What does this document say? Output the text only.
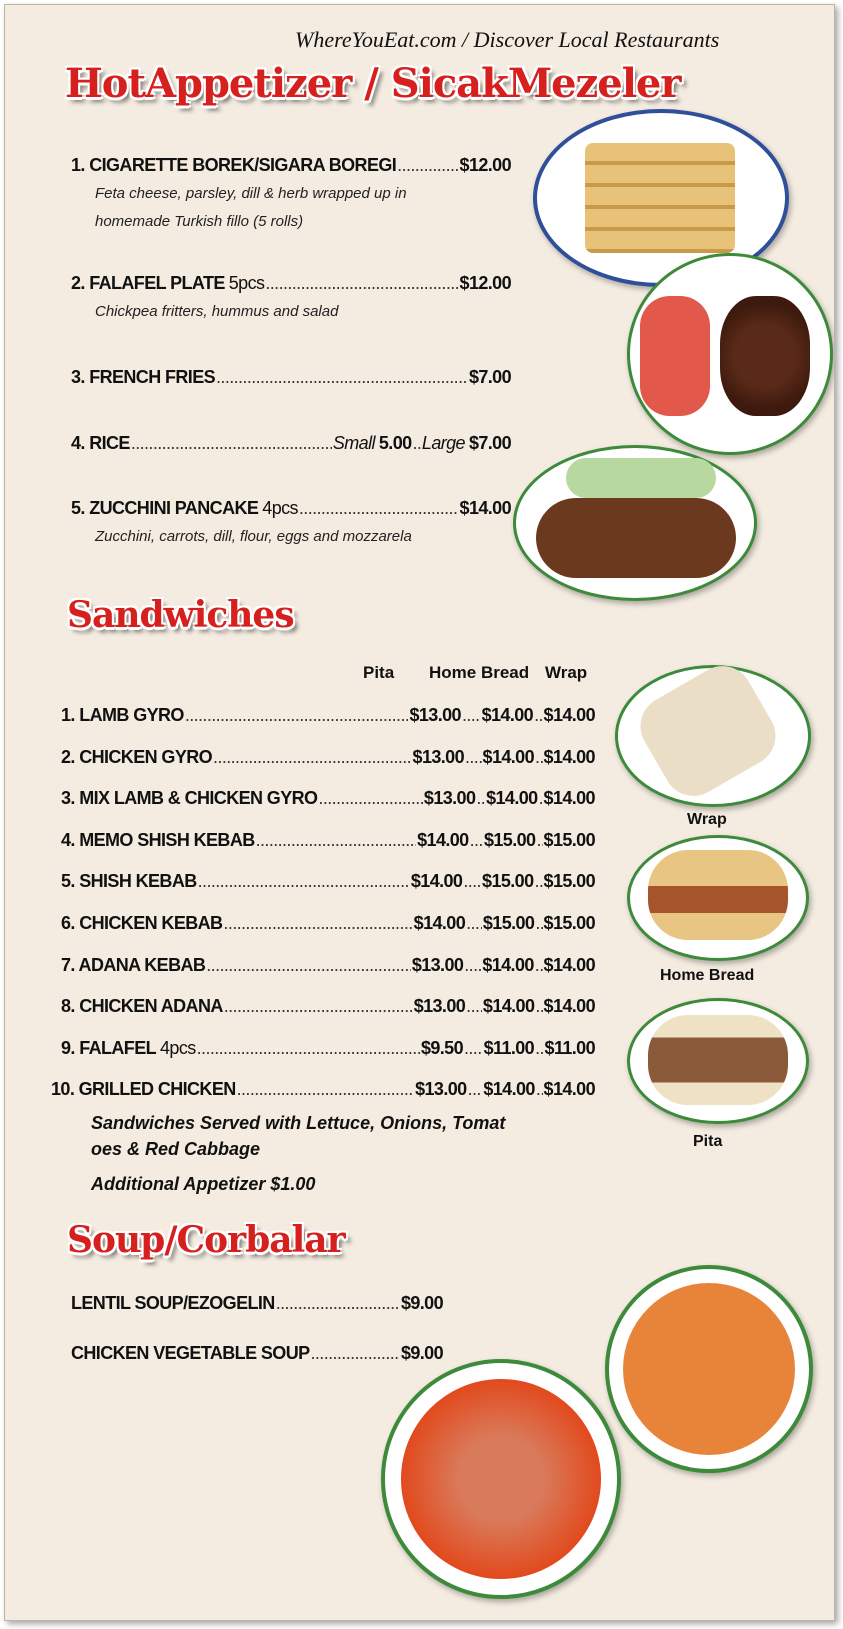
WhereYouEat.com / Discover Local Restaurants
HotAppetizer / SicakMezeler
Sandwiches
Soup/Corbalar
1. CIGARETTE BOREK/SIGARA BOREGI .....	$12.00
Feta cheese, parsley, dill & herb wrapped up in
homemade Turkish fillo (5 rolls)
2. FALAFEL PLATE 5pcs .....	$12.00
Chickpea fritters, hummus and salad
3. FRENCH FRIES .....	$7.00
4. RICE .....	Small 5.00 ..... Large $7.00
5. ZUCCHINI PANCAKE 4pcs .....	$14.00
Zucchini, carrots, dill, flour, eggs and mozzarela
Pita Home Bread Wrap
1. LAMB GYRO .....	$13.00 ..... $14.00 ..... $14.00
2. CHICKEN GYRO .....	$13.00 ..... $14.00 ..... $14.00
3. MIX LAMB & CHICKEN GYRO .....	$13.00 ..... $14.00 ..... $14.00
4. MEMO SHISH KEBAB .....	$14.00 ..... $15.00 ..... $15.00
5. SHISH KEBAB .....	$14.00 ..... $15.00 ..... $15.00
6. CHICKEN KEBAB .....	$14.00 ..... $15.00 ..... $15.00
7. ADANA KEBAB .....	$13.00 ..... $14.00 ..... $14.00
8. CHICKEN ADANA .....	$13.00 ..... $14.00 ..... $14.00
9. FALAFEL 4pcs .....	$9.50 ..... $11.00 ..... $11.00
10. GRILLED CHICKEN .....	$13.00 ..... $14.00 ..... $14.00
Sandwiches Served with Lettuce, Onions, Tomat
oes & Red Cabbage
Additional Appetizer $1.00
LENTIL SOUP/EZOGELIN .....	$9.00
CHICKEN VEGETABLE SOUP .....	$9.00
Wrap
Home Bread
Pita
